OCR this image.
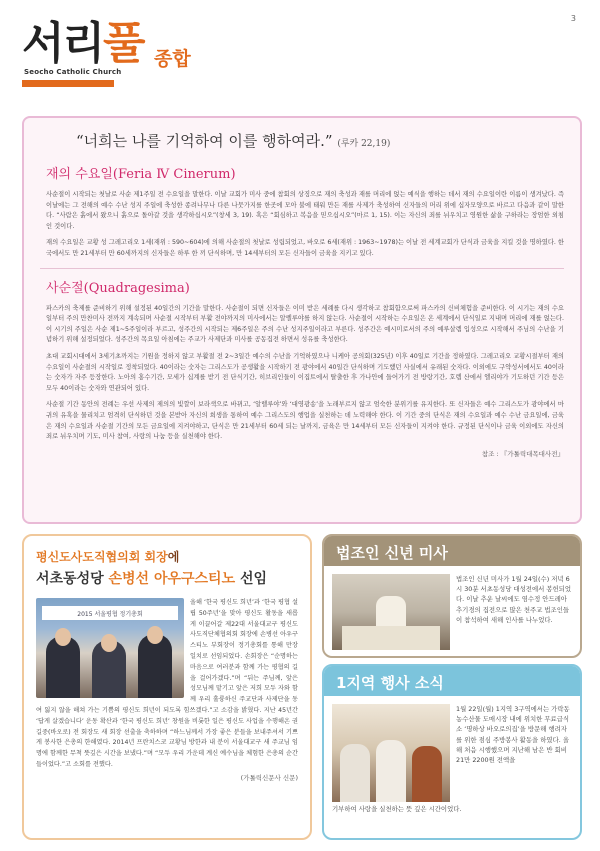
서리풀
Seocho Catholic Church
종합
3
“너희는 나를 기억하여 이를 행하여라.” (루카 22,19)
재의 수요일(Feria Ⅳ Cinerum)

사순절이 시작되는 첫날로 사순 제1주일 전 수요일을 말한다. 이날 교회가 미사 중에 참회의 상징으로 재의 축성과 재를 머리에 얹는 예식을 행하는 데서 재의 수요일이란 이름이 생겨났다. 즉 이날에는 그 전해의 예수 수난 성지 주일에 축성한 종려나무나 다른 나뭇가지를 한곳에 모아 불에 태워 만든 재를 사제가 축성하여 신자들의 머리 위에 십자모양으로 바르고 다음과 같이 말한다. “사람은 흙에서 왔으니 흙으로 돌아갈 것을 생각하십시오”(창세 3, 19). 혹은 “회심하고 복음을 믿으십시오”(마르 1, 15). 이는 자신의 죄를 뉘우치고 영원한 삶을 구하라는 장엄한 외침인 것이다.

재의 수요일은 교황 성 그레고리오 1세(재위 : 590~604)에 의해 사순절의 첫날로 성립되었고, 바오로 6세(재위 : 1963~1978)는 이날 전 세계교회가 단식과 금육을 지킬 것을 명하였다. 한국에서도 만 21세부터 만 60세까지의 신자들은 하루 한 끼 단식하며, 만 14세부터의 모든 신자들이 금육을 지키고 있다.

사순절(Quadragesima)

파스카의 축제를 준비하기 위해 설정된 40일간의 기간을 말한다. 사순절이 되면 신자들은 이미 받은 세례를 다시 생각하고 참회함으로써 파스카의 신비체험을 준비한다. 이 시기는 재의 수요일부터 주의 만찬미사 전까지 계속되며 사순절 시작부터 부활 전야까지의 미사에서는 알렐루야를 하지 않는다. 사순절이 시작하는 수요일은 온 세계에서 단식일로 지내며 머리에 재를 얹는다. 이 시기의 주일은 사순 제1~5주일이라 부르고, 성주간의 시작되는 제6주일은 주의 수난 성지주일이라고 부른다. 성주간은 예시미로서의 주의 예루살렘 입성으로 시작해서 주님의 수난을 기념하기 위해 설정되었다. 성주간의 목요일 아침에는 주교가 사제단과 미사를 공동집전 하면서 성유를 축성한다.

초대 교회시대에서 3세기초까지는 기원을 정하지 않고 부활절 전 2~3일간 예수의 수난을 기억하였으나 니케아 공의회(325년) 이후 40일로 기간을 정하였다. 그레고리오 교황시절부터 재의 수요일이 사순절의 시작일로 정착되었다. 40이라는 숫자는 그리스도가 공생활을 시작하기 전 광야에서 40일간 단식하며 기도했던 사실에서 유래된 숫자다. 이외에도 구약성서에서도 40이라는 숫자가 자주 등장한다. 노아의 홍수기간, 모세가 십계를 받기 전 단식기간, 히브리인들이 이집트에서 탈출한 후 가나안에 들어가기 전 방랑기간, 호렙 산에서 엘리야가 기도하던 기간 등은 모두 40이라는 숫자와 연관되어 있다.

사순절 기간 동안의 전례는 우선 사제의 제의의 빛깔이 보라색으로 바뀌고, ‘알렐루야’와 ‘대영광송’을 노래부르지 않고 엄숙한 분위기를 유지한다. 또 신자들은 예수 그리스도가 광야에서 마귀의 유혹을 물리치고 엄격히 단식하던 것을 본받아 자신의 희생을 통하여 예수 그리스도의 행업을 실천하는 데 노력해야 한다. 이 기간 중의 단식은 재의 수요일과 예수 수난 금요일에, 금육은 재의 수요일과 사순절 기간의 모든 금요일에 지켜야하고, 단식은 만 21세부터 60세 되는 날까지, 금육은 만 14세부터 모든 신자들이 지켜야 한다. 규정된 단식이나 금육 이외에도 자신의 죄로 뉘우치며 기도, 미사 참여, 사랑의 나눔 등을 실천해야 한다.

참조 : 『가톨릭대목대사전』
평신도사도직협의회 회장에
서초동성당 손병선 아우구스티노 선임
2015 서울평협 정기총회

올해 ‘한국 평신도 희년’과 ‘한국 평협 설립 50주년’을 맞아 평신도 활동을 새롭게 이끌어갈 제22대 서울대교구 평신도사도직단체협의회 회장에 손병선 아우구스티노 부회장이 정기총회를 통해 만장일치로 선임되었다. 손회장은 “순명하는 마음으로 여러분과 함께 가는 평협의 길을 걸어가겠다.”며 “뒤는 주님께, 앞은 성모님께 맡기고 앞은 저희 모두 자와 함께 우리 훌륭하신 주교단과 사제단을 동여 잃지 않을 해쳐 가는 기쁨의 평신도 희년이 되도록 힘쓰겠다.”고 소감을 밝혔다. 지난 45년간 ‘답게 살겠습니다’ 운동 확산과 ‘한국 평신도 희년’ 창원을 비롯한 일은 평신도 사업을 수행해온 권길중(바오로) 전 회장도 새 회장 선출을 축하하며 “하느님께서 가장 좋은 분들을 보내주셔서 기쁘게 봉사한 은총의 한해였다. 2014년 프란치스코 교황님 방한과 내 분이 서울대교구 새 주교님 임명에 함께한 무척 뜻깊은 시간을 보냈다.”며 “모두 우리 가운데 계신 예수님을 체험한 은총의 순간들이었다.”고 소회를 전했다.

(가톨릭신문사 신문)
법조인 신년 미사

법조인 신년 미사가 1월 24일(수) 저녁 6시 30분 서초동성당 대성전에서 봉헌되었다. 이날 추운 날씨에도 염수정 안드레아 추기경의 집전으로 많은 천주교 법조인들이 참석하여 새해 인사를 나누었다.

1지역 행사 소식

1월 22일(월) 1지역 3구역에서는 가락동 농수산물 도매시장 내에 위치한 무료급식소 ‘명하상 바오로의집’을 방문해 행려자를 위한 점심 주방봉사 활동을 하였다. 올해 처음 시행했으며 지난해 남은 반 회비 21만 2200원 전액을

기부하여 사랑을 실천하는 뜻 깊은 시간이었다.
